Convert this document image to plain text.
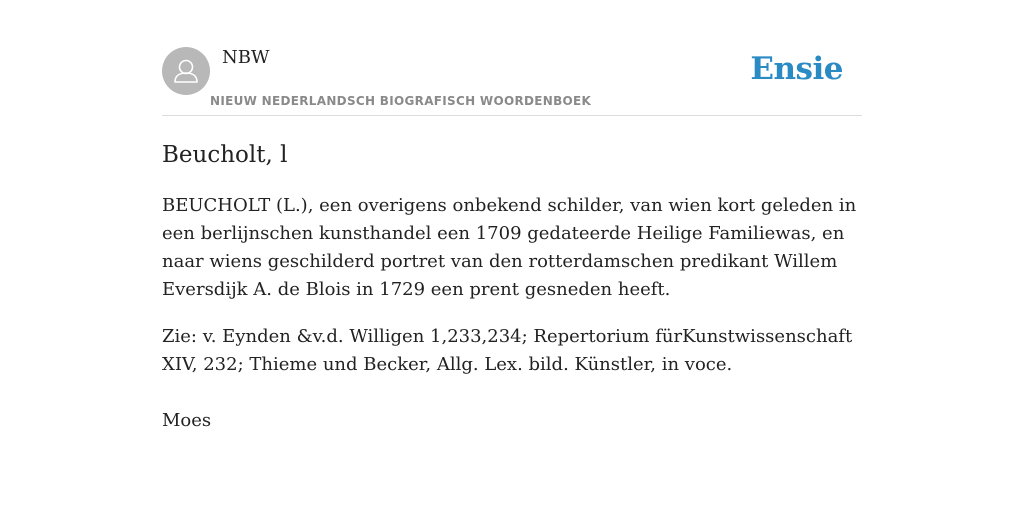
NBW
NIEUW NEDERLANDSCH BIOGRAFISCH WOORDENBOEK
Ensie
Beucholt, l

BEUCHOLT (L.), een overigens onbekend schilder, van wien kort geleden in een berlijnschen kunsthandel een 1709 gedateerde Heilige Familiewas, en naar wiens geschilderd portret van den rotterdamschen predikant Willem Eversdijk A. de Blois in 1729 een prent gesneden heeft.

Zie: v. Eynden &v.d. Willigen 1,233,234; Repertorium fürKunstwissenschaft XIV, 232; Thieme und Becker, Allg. Lex. bild. Künstler, in voce.

Moes
